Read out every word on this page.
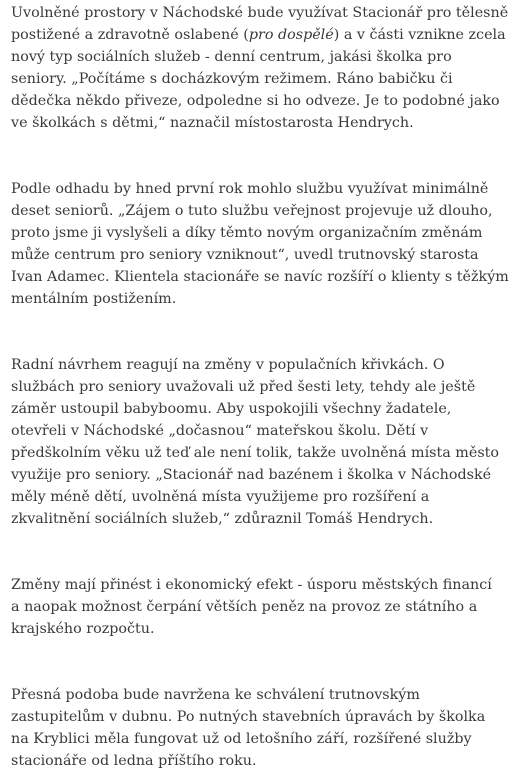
Uvolněné prostory v Náchodské bude využívat Stacionář pro tělesně
postižené a zdravotně oslabené (pro dospělé) a v části vznikne zcela
nový typ sociálních služeb - denní centrum, jakási školka pro
seniory. „Počítáme s docházkovým režimem. Ráno babičku či
dědečka někdo přiveze, odpoledne si ho odveze. Je to podobné jako
ve školkách s dětmi,“ naznačil místostarosta Hendrych.

Podle odhadu by hned první rok mohlo službu využívat minimálně
deset seniorů. „Zájem o tuto službu veřejnost projevuje už dlouho,
proto jsme ji vyslyšeli a díky těmto novým organizačním změnám
může centrum pro seniory vzniknout“, uvedl trutnovský starosta
Ivan Adamec. Klientela stacionáře se navíc rozšíří o klienty s těžkým
mentálním postižením.

Radní návrhem reagují na změny v populačních křivkách. O
službách pro seniory uvažovali už před šesti lety, tehdy ale ještě
záměr ustoupil babyboomu. Aby uspokojili všechny žadatele,
otevřeli v Náchodské „dočasnou“ mateřskou školu. Dětí v
předškolním věku už teď ale není tolik, takže uvolněná místa město
využije pro seniory. „Stacionář nad bazénem i školka v Náchodské
měly méně dětí, uvolněná místa využijeme pro rozšíření a
zkvalitnění sociálních služeb,“ zdůraznil Tomáš Hendrych.

Změny mají přinést i ekonomický efekt - úsporu městských financí
a naopak možnost čerpání větších peněz na provoz ze státního a
krajského rozpočtu.

Přesná podoba bude navržena ke schválení trutnovským
zastupitelům v dubnu. Po nutných stavebních úpravách by školka
na Kryblici měla fungovat už od letošního září, rozšířené služby
stacionáře od ledna příštího roku.
